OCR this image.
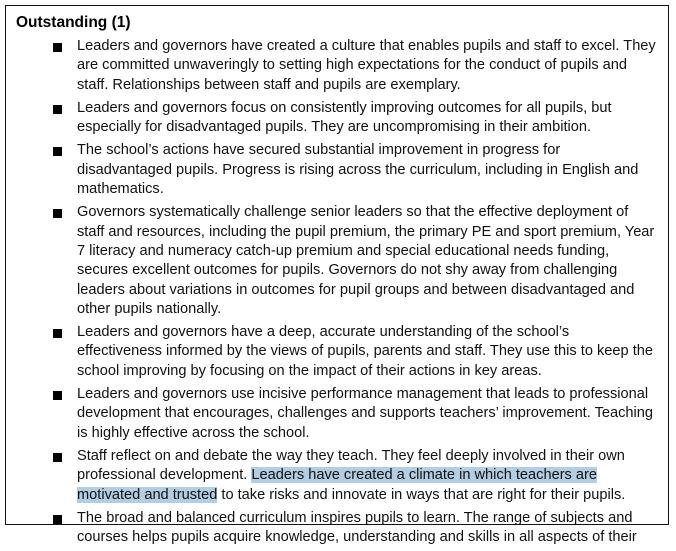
Outstanding (1)
Leaders and governors have created a culture that enables pupils and staff to excel. They are committed unwaveringly to setting high expectations for the conduct of pupils and staff. Relationships between staff and pupils are exemplary.
Leaders and governors focus on consistently improving outcomes for all pupils, but especially for disadvantaged pupils. They are uncompromising in their ambition.
The school’s actions have secured substantial improvement in progress for disadvantaged pupils. Progress is rising across the curriculum, including in English and mathematics.
Governors systematically challenge senior leaders so that the effective deployment of staff and resources, including the pupil premium, the primary PE and sport premium, Year 7 literacy and numeracy catch-up premium and special educational needs funding, secures excellent outcomes for pupils. Governors do not shy away from challenging leaders about variations in outcomes for pupil groups and between disadvantaged and other pupils nationally.
Leaders and governors have a deep, accurate understanding of the school’s effectiveness informed by the views of pupils, parents and staff. They use this to keep the school improving by focusing on the impact of their actions in key areas.
Leaders and governors use incisive performance management that leads to professional development that encourages, challenges and supports teachers’ improvement. Teaching is highly effective across the school.
Staff reflect on and debate the way they teach. They feel deeply involved in their own professional development. Leaders have created a climate in which teachers are motivated and trusted to take risks and innovate in ways that are right for their pupils.
The broad and balanced curriculum inspires pupils to learn. The range of subjects and courses helps pupils acquire knowledge, understanding and skills in all aspects of their
